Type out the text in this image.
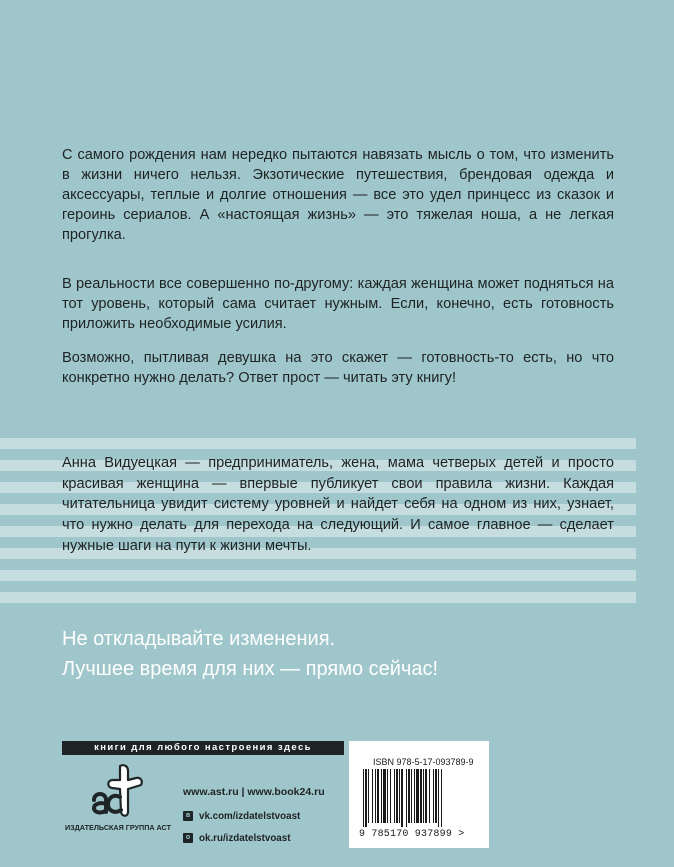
С самого рождения нам нередко пытаются навязать мысль о том, что изменить в жизни ничего нельзя. Экзотические путешествия, брендовая одежда и аксессуары, теплые и долгие отношения — все это удел принцесс из сказок и героинь сериалов. А «настоящая жизнь» — это тяжелая ноша, а не легкая прогулка.

В реальности все совершенно по-другому: каждая женщина может подняться на тот уровень, который сама считает нужным. Если, конечно, есть готовность приложить необходимые усилия.

Возможно, пытливая девушка на это скажет — готовность-то есть, но что конкретно нужно делать? Ответ прост — читать эту книгу!

Анна Видуецкая — предприниматель, жена, мама четверых детей и просто красивая женщина — впервые публикует свои правила жизни. Каждая читательница увидит систему уровней и найдет себя на одном из них, узнает, что нужно делать для перехода на следующий. И самое главное — сделает нужные шаги на пути к жизни мечты.

Не откладывайте изменения.
Лучшее время для них — прямо сейчас!
книги для любого настроения здесь
ИЗДАТЕЛЬСКАЯ ГРУППА АСТ
www.ast.ru | www.book24.ru
в vk.com/izdatelstvoast
о ok.ru/izdatelstvoast
ISBN 978-5-17-093789-9
9 785170 937899 >
